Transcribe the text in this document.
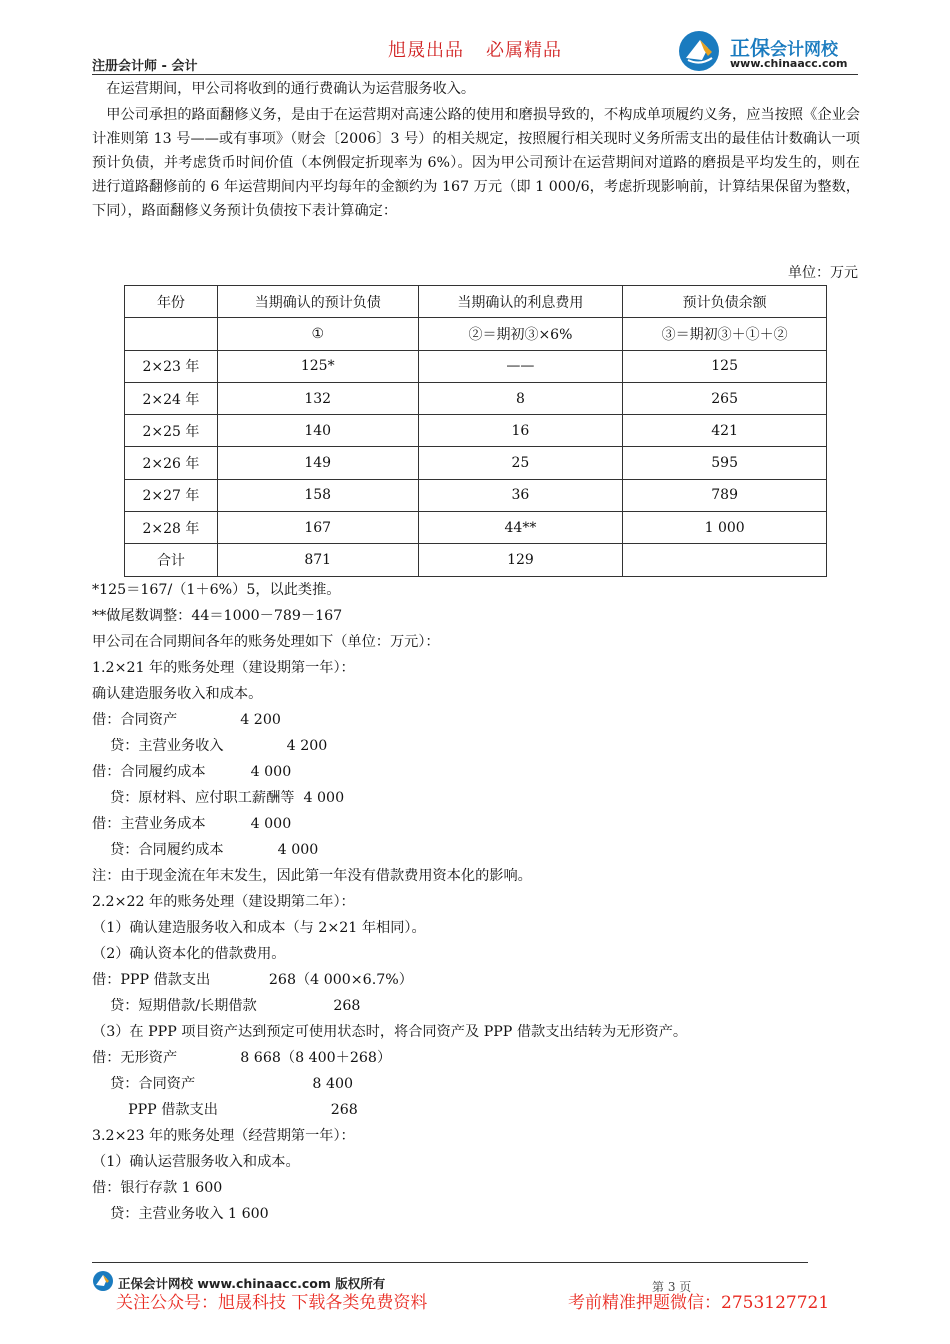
注册会计师 - 会计
旭晟出品 必属精品	正保会计网校
www.chinaacc.com
　在运营期间，甲公司将收到的通行费确认为运营服务收入。
　甲公司承担的路面翻修义务，是由于在运营期对高速公路的使用和磨损导致的，不构成单项履约义务，应当按照《企业会计准则第 13 号——或有事项》（财会〔2006〕3 号）的相关规定，按照履行相关现时义务所需支出的最佳估计数确认一项预计负债，并考虑货币时间价值（本例假定折现率为 6%）。因为甲公司预计在运营期间对道路的磨损是平均发生的，则在进行道路翻修前的 6 年运营期间内平均每年的金额约为 167 万元（即 1 000/6，考虑折现影响前，计算结果保留为整数，下同），路面翻修义务预计负债按下表计算确定：
单位：万元
年份	当期确认的预计负债	当期确认的利息费用	预计负债余额
	①	②＝期初③×6%	③＝期初③＋①＋②
2×23 年	125*	——	125
2×24 年	132	8	265
2×25 年	140	16	421
2×26 年	149	25	595
2×27 年	158	36	789
2×28 年	167	44**	1 000
合计	871	129	
*125＝167/（1＋6%）5，以此类推。
**做尾数调整：44＝1000－789－167
甲公司在合同期间各年的账务处理如下（单位：万元）：
1.2×21 年的账务处理（建设期第一年）：
确认建造服务收入和成本。
借：合同资产              4 200
贷：主营业务收入              4 200
借：合同履约成本          4 000
贷：原材料、应付职工薪酬等  4 000
借：主营业务成本          4 000
贷：合同履约成本            4 000
注：由于现金流在年末发生，因此第一年没有借款费用资本化的影响。
2.2×22 年的账务处理（建设期第二年）：
（1）确认建造服务收入和成本（与 2×21 年相同）。
（2）确认资本化的借款费用。
借：PPP 借款支出             268（4 000×6.7%）
贷：短期借款/长期借款                 268
（3）在 PPP 项目资产达到预定可使用状态时，将合同资产及 PPP 借款支出结转为无形资产。
借：无形资产              8 668（8 400＋268）
贷：合同资产                          8 400
PPP 借款支出                         268
3.2×23 年的账务处理（经营期第一年）：
（1）确认运营服务收入和成本。
借：银行存款 1 600
贷：主营业务收入 1 600
正保会计网校 www.chinaacc.com 版权所有	第 3 页
关注公众号：旭晟科技 下载各类免费资料	考前精准押题微信：2753127721
